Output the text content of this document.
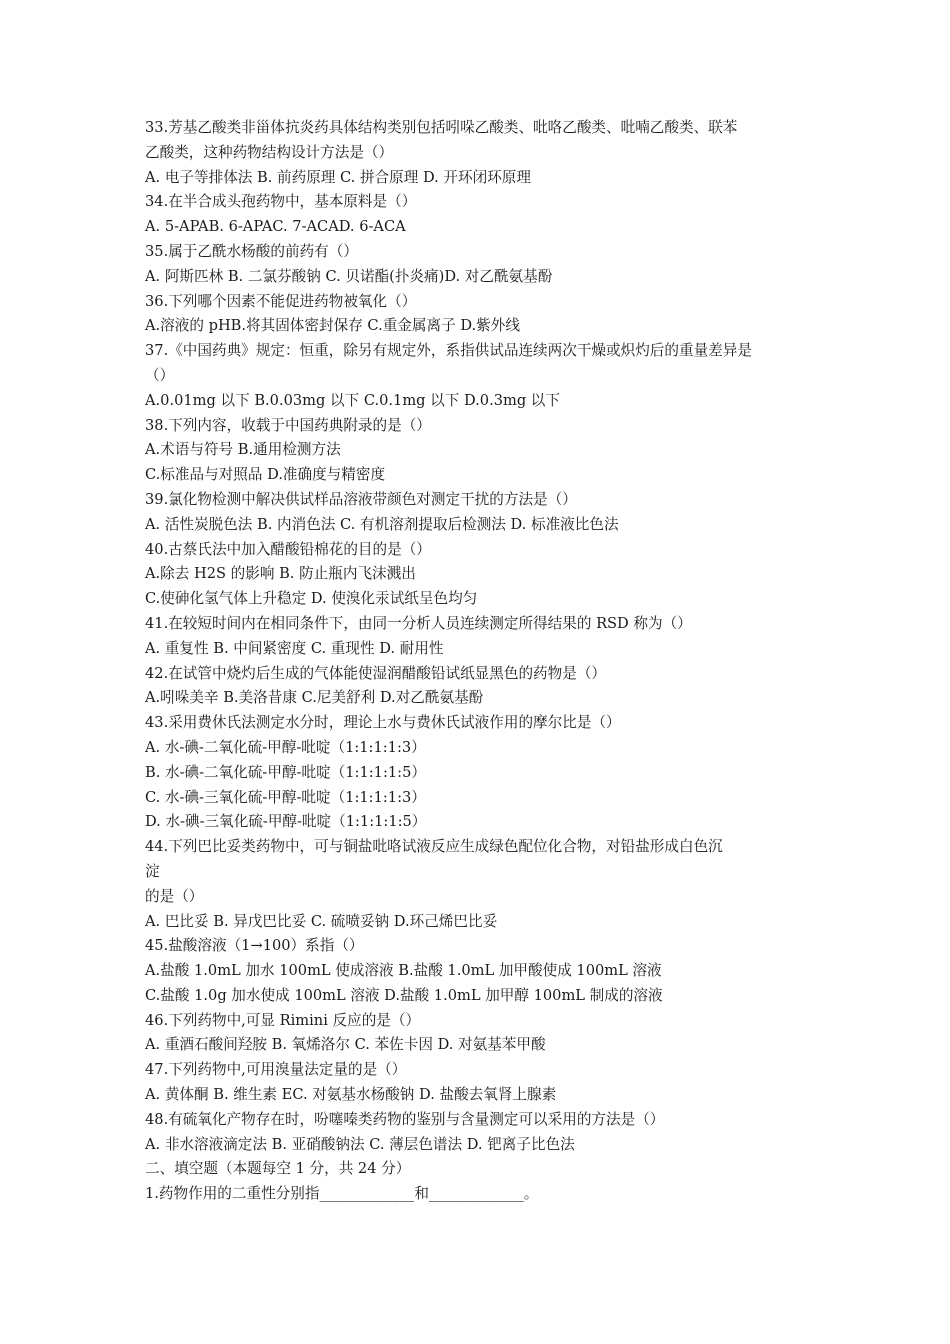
33.芳基乙酸类非甾体抗炎药具体结构类别包括吲哚乙酸类、吡咯乙酸类、吡喃乙酸类、联苯
乙酸类，这种药物结构设计方法是（）
A. 电子等排体法 B. 前药原理 C. 拼合原理 D. 开环闭环原理
34.在半合成头孢药物中，基本原料是（）
A. 5-APAB. 6-APAC. 7-ACAD. 6-ACA
35.属于乙酰水杨酸的前药有（）
A. 阿斯匹林 B. 二氯芬酸钠 C. 贝诺酯(扑炎痛)D. 对乙酰氨基酚
36.下列哪个因素不能促进药物被氧化（）
A.溶液的 pHB.将其固体密封保存 C.重金属离子 D.紫外线
37.《中国药典》规定：恒重，除另有规定外，系指供试品连续两次干燥或炽灼后的重量差异是
（）
A.0.01mg 以下 B.0.03mg 以下 C.0.1mg 以下 D.0.3mg 以下
38.下列内容，收载于中国药典附录的是（）
A.术语与符号 B.通用检测方法
C.标准品与对照品 D.准确度与精密度
39.氯化物检测中解决供试样品溶液带颜色对测定干扰的方法是（）
A. 活性炭脱色法 B. 内消色法 C. 有机溶剂提取后检测法 D. 标准液比色法
40.古蔡氏法中加入醋酸铅棉花的目的是（）
A.除去 H2S 的影响 B. 防止瓶内飞沫溅出
C.使砷化氢气体上升稳定 D. 使溴化汞试纸呈色均匀
41.在较短时间内在相同条件下，由同一分析人员连续测定所得结果的 RSD 称为（）
A. 重复性 B. 中间紧密度 C. 重现性 D. 耐用性
42.在试管中烧灼后生成的气体能使湿润醋酸铅试纸显黑色的药物是（）
A.吲哚美辛 B.美洛昔康 C.尼美舒利 D.对乙酰氨基酚
43.采用费休氏法测定水分时，理论上水与费休氏试液作用的摩尔比是（）
A. 水-碘-二氧化硫-甲醇-吡啶（1:1:1:1:3）
B. 水-碘-二氧化硫-甲醇-吡啶（1:1:1:1:5）
C. 水-碘-三氧化硫-甲醇-吡啶（1:1:1:1:3）
D. 水-碘-三氧化硫-甲醇-吡啶（1:1:1:1:5）
44.下列巴比妥类药物中，可与铜盐吡咯试液反应生成绿色配位化合物，对铅盐形成白色沉
淀
的是（）
A. 巴比妥 B. 异戊巴比妥 C. 硫喷妥钠 D.环己烯巴比妥
45.盐酸溶液（1→100）系指（）
A.盐酸 1.0mL 加水 100mL 使成溶液 B.盐酸 1.0mL 加甲酸使成 100mL 溶液
C.盐酸 1.0g 加水使成 100mL 溶液 D.盐酸 1.0mL 加甲醇 100mL 制成的溶液
46.下列药物中,可显 Rimini 反应的是（）
A. 重酒石酸间羟胺 B. 氧烯洛尔 C. 苯佐卡因 D. 对氨基苯甲酸
47.下列药物中,可用溴量法定量的是（）
A. 黄体酮 B. 维生素 EC. 对氨基水杨酸钠 D. 盐酸去氧肾上腺素
48.有硫氧化产物存在时，吩噻嗪类药物的鉴别与含量测定可以采用的方法是（）
A. 非水溶液滴定法 B. 亚硝酸钠法 C. 薄层色谱法 D. 钯离子比色法
二、填空题（本题每空 1 分，共 24 分）
1.药物作用的二重性分别指_____________和_____________。
